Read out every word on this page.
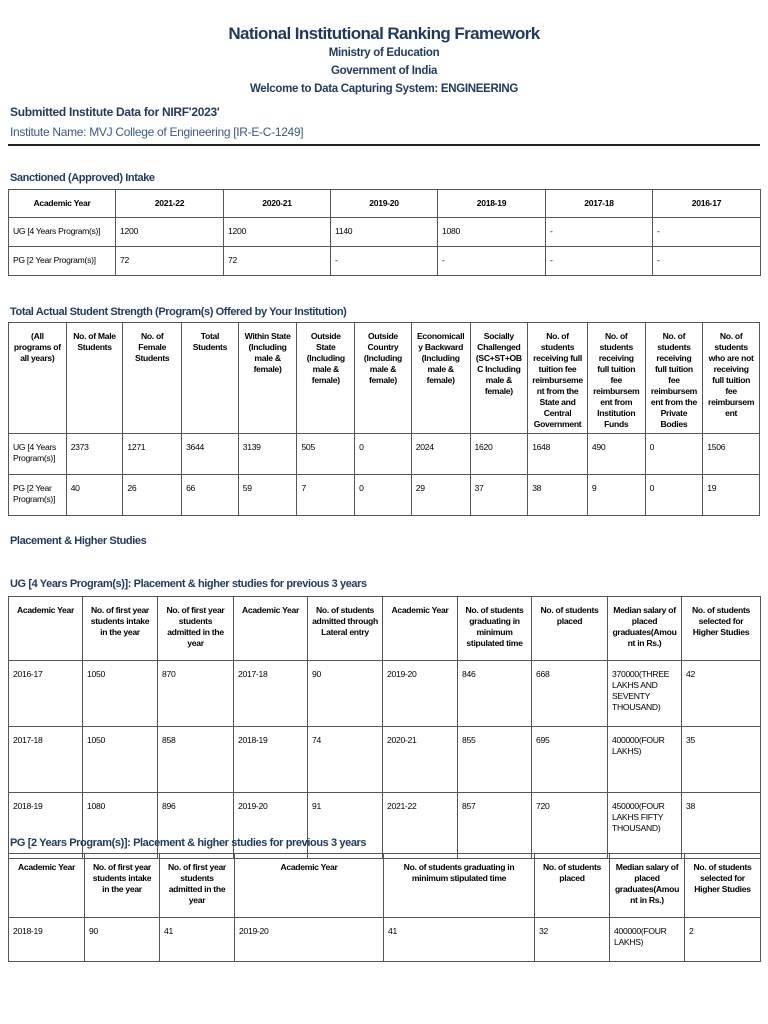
National Institutional Ranking Framework
Ministry of Education
Government of India
Welcome to Data Capturing System: ENGINEERING
Submitted Institute Data for NIRF'2023'
Institute Name: MVJ College of Engineering [IR-E-C-1249]
Sanctioned (Approved) Intake
Academic Year	2021-22	2020-21	2019-20	2018-19	2017-18	2016-17
UG [4 Years Program(s)]	1200	1200	1140	1080	-	-
PG [2 Year Program(s)]	72	72	-	-	-	-
Total Actual Student Strength (Program(s) Offered by Your Institution)
(All programs of all years)	No. of Male Students	No. of Female Students	Total Students	Within State (Including male & female)	Outside State (Including male & female)	Outside Country (Including male & female)	Economically Backward (Including male & female)	Socially Challenged (SC+ST+OBC Including male & female)	No. of students receiving full tuition fee reimbursement from the State and Central Government	No. of students receiving full tuition fee reimbursement from Institution Funds	No. of students receiving full tuition fee reimbursement from the Private Bodies	No. of students who are not receiving full tuition fee reimbursement
UG [4 Years Program(s)]	2373	1271	3644	3139	505	0	2024	1620	1648	490	0	1506
PG [2 Year Program(s)]	40	26	66	59	7	0	29	37	38	9	0	19
Placement & Higher Studies
UG [4 Years Program(s)]: Placement & higher studies for previous 3 years
Academic Year	No. of first year students intake in the year	No. of first year students admitted in the year	Academic Year	No. of students admitted through Lateral entry	Academic Year	No. of students graduating in minimum stipulated time	No. of students placed	Median salary of placed graduates(Amount in Rs.)	No. of students selected for Higher Studies
2016-17	1050	870	2017-18	90	2019-20	846	668	370000(THREE LAKHS AND SEVENTY THOUSAND)	42
2017-18	1050	858	2018-19	74	2020-21	855	695	400000(FOUR LAKHS)	35
2018-19	1080	896	2019-20	91	2021-22	857	720	450000(FOUR LAKHS FIFTY THOUSAND)	38
PG [2 Years Program(s)]: Placement & higher studies for previous 3 years
Academic Year	No. of first year students intake in the year	No. of first year students admitted in the year	Academic Year	No. of students graduating in minimum stipulated time	No. of students placed	Median salary of placed graduates(Amount in Rs.)	No. of students selected for Higher Studies
2018-19	90	41	2019-20	41	32	400000(FOUR LAKHS)	2
